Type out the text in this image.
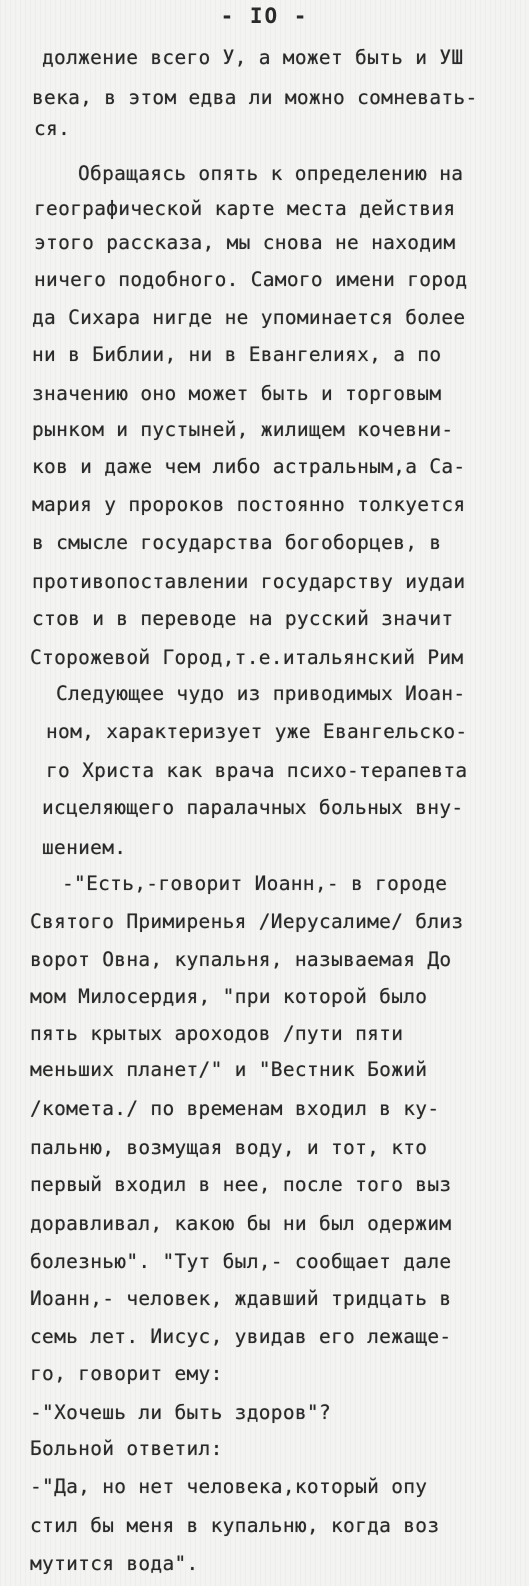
- IO -
должение всего У, а может быть и УШ
века, в этом едва ли можно сомневать-
ся.
Обращаясь опять к определению на
географической карте места действия
этого рассказа, мы снова не находим
ничего подобного. Самого имени город
да Сихара нигде не упоминается более
ни в Библии, ни в Евангелиях, а по
значению оно может быть и торговым
рынком и пустыней, жилищем кочевни-
ков и даже чем либо астральным,а Са-
мария у пророков постоянно толкуется
в смысле государства богоборцев, в
противопоставлении государству иудаи
стов и в переводе на русский значит
Сторожевой Город,т.е.итальянский Рим
Следующее чудо из приводимых Иоан-
ном, характеризует уже Евангельско-
го Христа как врача психо-терапевта
исцеляющего паралачных больных вну-
шением.
-"Есть,-говорит Иоанн,- в городе
Святого Примиренья /Иерусалиме/ близ
ворот Овна, купальня, называемая До
мом Милосердия, "при которой было
пять крытых ароходов /пути пяти
меньших планет/" и "Вестник Божий
/комета./ по временам входил в ку-
пальню, возмущая воду, и тот, кто
первый входил в нее, после того выз
доравливал, какою бы ни был одержим
болезнью". "Тут был,- сообщает дале
Иоанн,- человек, ждавший тридцать в
семь лет. Иисус, увидав его лежаще-
го, говорит ему:
-"Хочешь ли быть здоров"?
Больной ответил:
-"Да, но нет человека,который опу
стил бы меня в купальню, когда воз
мутится вода".
